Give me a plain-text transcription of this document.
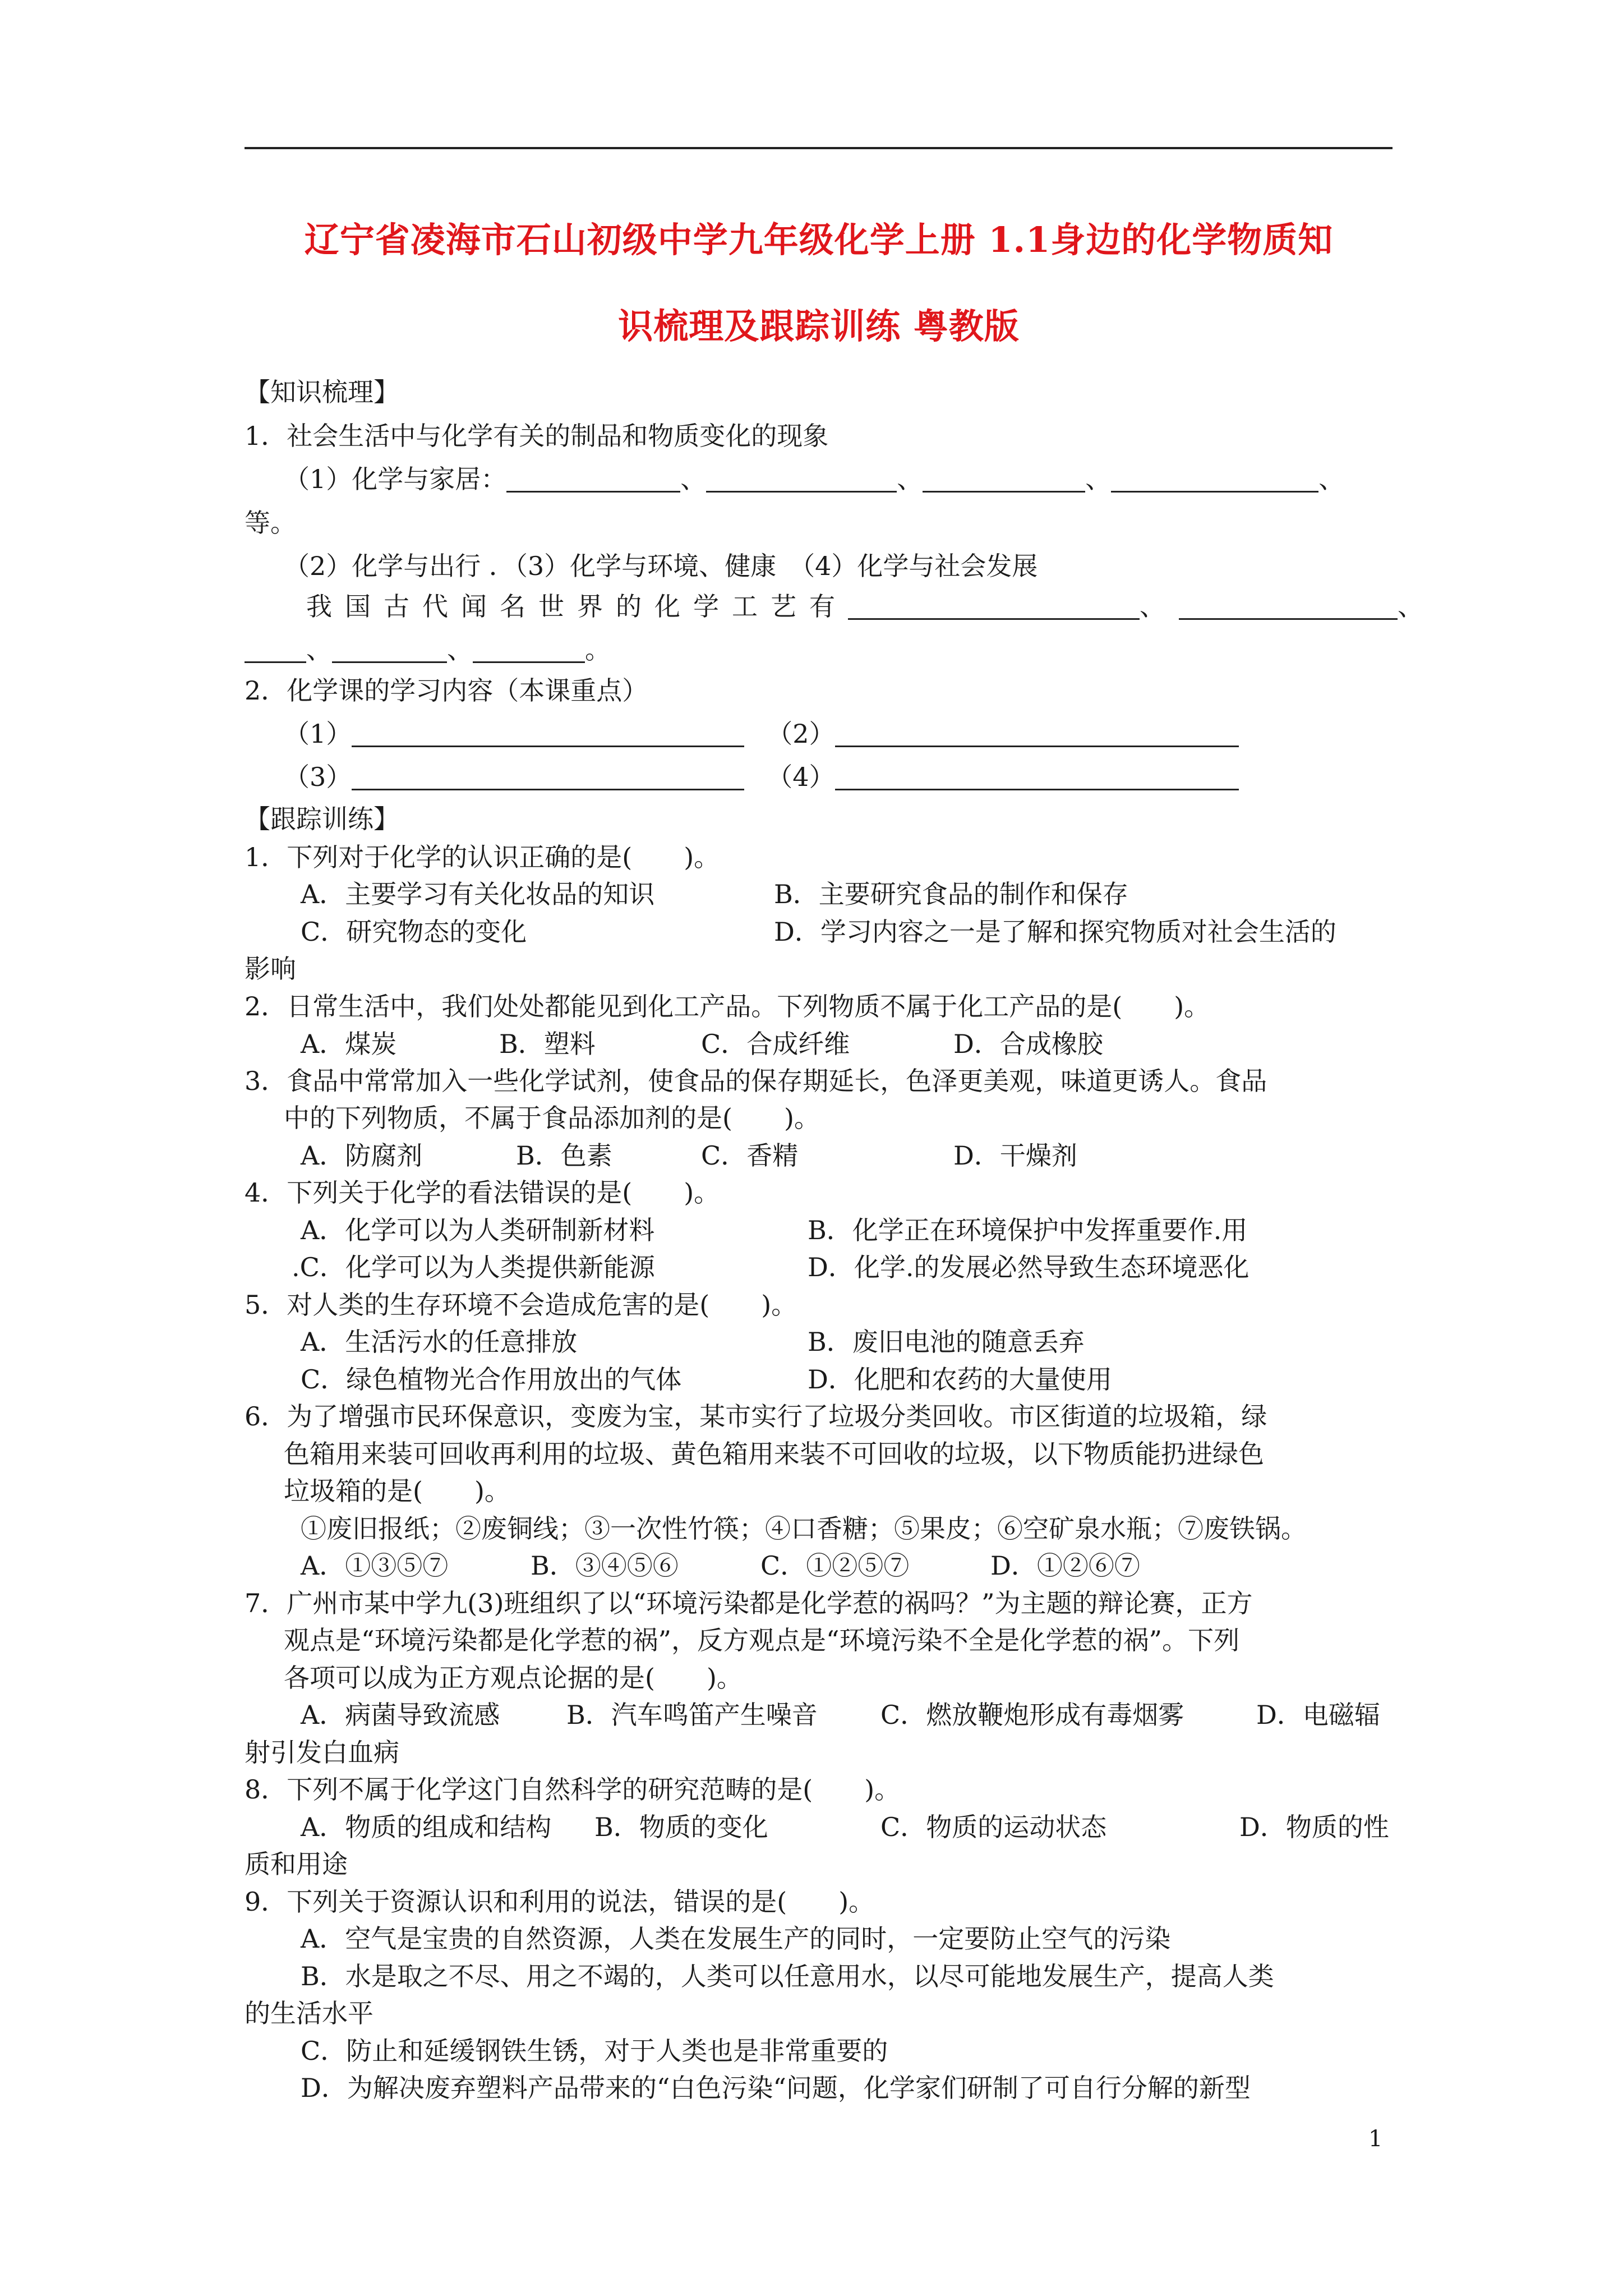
辽宁省凌海市石山初级中学九年级化学上册 1.1身边的化学物质知
识梳理及跟踪训练 粤教版
【知识梳理】
1．社会生活中与化学有关的制品和物质变化的现象
（1）化学与家居：	、	、	、	、
等。
（2）化学与出行 ．（3）化学与环境、健康　（4）化学与社会发展
我国古代闻名世界的化学工艺有	、	、
、	、	。
2．化学课的学习内容（本课重点）
（1）	（2）
（3）	（4）
【跟踪训练】
1．下列对于化学的认识正确的是(　　)。
A．主要学习有关化妆品的知识	B．主要研究食品的制作和保存
C．研究物态的变化	D．学习内容之一是了解和探究物质对社会生活的
影响
2．日常生活中，我们处处都能见到化工产品。下列物质不属于化工产品的是(　　)。
A．煤炭	B．塑料	C．合成纤维	D．合成橡胶
3．食品中常常加入一些化学试剂，使食品的保存期延长，色泽更美观，味道更诱人。食品
中的下列物质，不属于食品添加剂的是(　　)。
A．防腐剂	B．色素	C．香精	D．干燥剂
4．下列关于化学的看法错误的是(　　)。
A．化学可以为人类研制新材料	B．化学正在环境保护中发挥重要作.用
.C．化学可以为人类提供新能源	D．化学.的发展必然导致生态环境恶化
5．对人类的生存环境不会造成危害的是(　　)。
A．生活污水的任意排放	B．废旧电池的随意丢弃
C．绿色植物光合作用放出的气体	D．化肥和农药的大量使用
6．为了增强市民环保意识，变废为宝，某市实行了垃圾分类回收。市区街道的垃圾箱，绿
色箱用来装可回收再利用的垃圾、黄色箱用来装不可回收的垃圾，以下物质能扔进绿色
垃圾箱的是(　　)。
①废旧报纸；②废铜线；③一次性竹筷；④口香糖；⑤果皮；⑥空矿泉水瓶；⑦废铁锅。
A．①③⑤⑦	B．③④⑤⑥	C．①②⑤⑦	D．①②⑥⑦
7．广州市某中学九(3)班组织了以“环境污染都是化学惹的祸吗？”为主题的辩论赛，正方
观点是“环境污染都是化学惹的祸”，反方观点是“环境污染不全是化学惹的祸”。下列
各项可以成为正方观点论据的是(　　)。
A．病菌导致流感	B．汽车鸣笛产生噪音 C．燃放鞭炮形成有毒烟雾	D．电磁辐
射引发白血病
8．下列不属于化学这门自然科学的研究范畴的是(　　)。
A．物质的组成和结构 B．物质的变化	C．物质的运动状态	D．物质的性
质和用途
9．下列关于资源认识和利用的说法，错误的是(　　)。
A．空气是宝贵的自然资源，人类在发展生产的同时，一定要防止空气的污染
B．水是取之不尽、用之不竭的，人类可以任意用水，以尽可能地发展生产，提高人类
的生活水平
C．防止和延缓钢铁生锈，对于人类也是非常重要的
D．为解决废弃塑料产品带来的“白色污染“问题，化学家们研制了可自行分解的新型
1
